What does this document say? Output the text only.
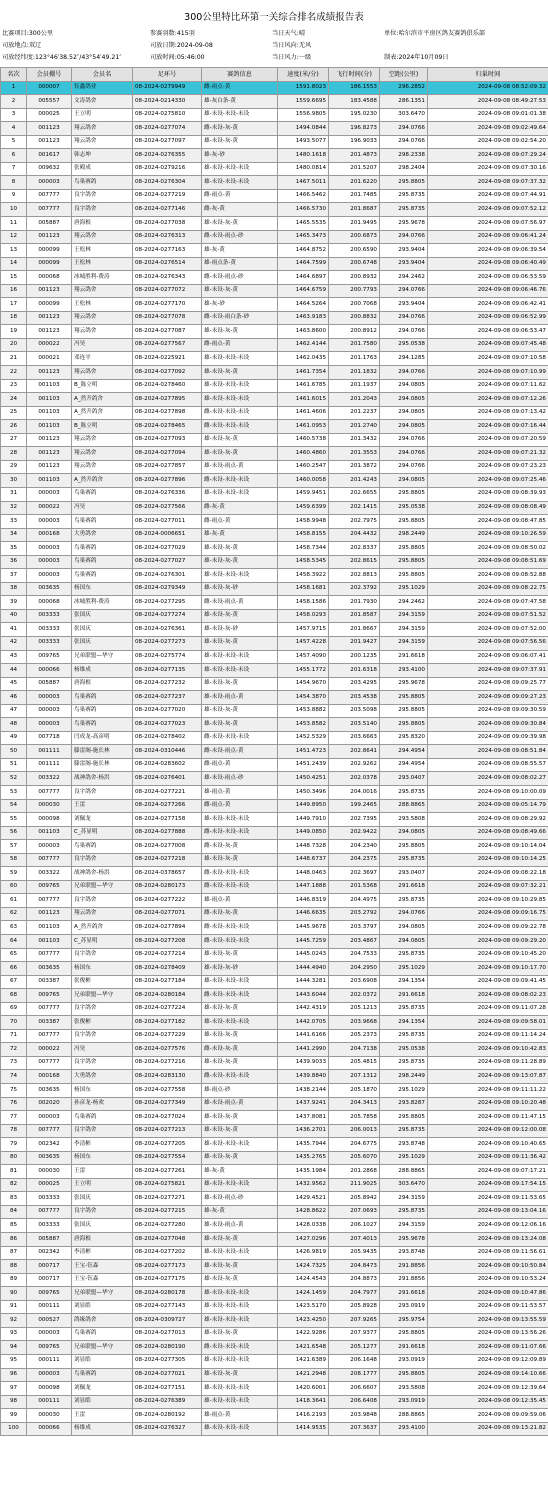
300公里特比环第一关综合排名成绩报告表
比赛项目:300公里	参赛羽数:415羽	当日天气:晴	单位:哈尔滨市平房区鸽友赛鸽俱乐部
司放地点:双辽	司放日期:2024-09-08	当日风向:无风
司放经纬度:123°46′38.52″/43°54′49.21″	司放时间:05:46:00	当日风力:一级	制表:2024年10月09日
名次	会员棚号	会员名	足环号	赛鸽信息	速度(米/分)	飞行时间(分)	空距(公里)	归巢时间
1	000007	钰鑫鸽业	08-2024-0279949	雌-雨点-黄	1591.8023	186.1553	296.2852	2024-09-08 08:52:09.32
2	005557	文涛鸽舍	08-2024-0214330	雄-灰白条-黄	1559.6695	183.4588	286.1351	2024-09-08 08:49:27.53
3	000025	王立明	08-2024-0275810	雄-未设-未设-未设	1556.9805	195.0230	303.6470	2024-09-08 09:01:01.38
4	001123	翔云鸽舍	08-2024-0277074	雌-未设-灰-黄	1494.0844	196.8273	294.0766	2024-09-08 09:02:49.64
5	001123	翔云鸽舍	08-2024-0277097	雄-未设-灰-黄	1493.5077	196.9033	294.0766	2024-09-08 09:02:54.20
6	001617	韩志坤	08-2024-0276355	雄-灰-砂	1480.1618	201.4873	298.2338	2024-09-08 09:07:29.24
7	009632	张殿成	08-2024-0279216	雄-未设-未设-未设	1480.0814	201.5207	298.2404	2024-09-08 09:07:30.16
8	000003	鸟巢赛鸽	08-2024-0276304	雄-未设-未设-未设	1467.5011	201.6220	295.8805	2024-09-08 09:07:37.32
9	007777	良宇鸽舍	08-2024-0277219	雌-雨点-黄	1466.5462	201.7485	295.8735	2024-09-08 09:07:44.91
10	007777	良宇鸽舍	08-2024-0277146	雌-灰-黄	1466.5730	201.8687	295.8735	2024-09-08 09:07:52.12
11	005887	唐海根	08-2024-0277038	雄-未设-灰-黄	1465.5535	201.9495	295.9678	2024-09-08 09:07:56.97
12	001123	翔云鸽舍	08-2024-0276313	雌-未设-雨点-砂	1465.3473	200.6873	294.0766	2024-09-08 09:06:41.24
13	000099	王松林	08-2024-0277163	雄-灰-黄	1464.8752	200.6590	293.9404	2024-09-08 09:06:39.54
14	000099	王松林	08-2024-0276514	雄-雨点条-黄	1464.7599	200.6748	293.9404	2024-09-08 09:06:40.49
15	000068	冰城胜利-费涛	08-2024-0276343	雌-未设-雨点-砂	1464.6897	200.8932	294.2462	2024-09-08 09:06:53.59
16	001123	翔云鸽舍	08-2024-0277072	雄-未设-灰-黄	1464.6759	200.7793	294.0766	2024-09-08 09:06:46.76
17	000099	王松林	08-2024-0277170	雄-灰-砂	1464.5264	200.7068	293.9404	2024-09-08 09:06:42.41
18	001123	翔云鸽舍	08-2024-0277078	雌-未设-雨白条-砂	1463.9183	200.8832	294.0766	2024-09-08 09:06:52.99
19	001123	翔云鸽舍	08-2024-0277087	雄-未设-灰-黄	1463.8600	200.8912	294.0766	2024-09-08 09:06:53.47
20	000022	冯昊	08-2024-0277567	雌-雨点-黄	1462.4144	201.7580	295.0538	2024-09-08 09:07:45.48
21	000021	邓连平	08-2024-0225921	雄-未设-未设-未设	1462.0435	201.1763	294.1285	2024-09-08 09:07:10.58
22	001123	翔云鸽舍	08-2024-0277092	雄-未设-灰-黄	1461.7354	201.1832	294.0766	2024-09-08 09:07:10.99
23	001103	B_陈立明	08-2024-0278460	雄-未设-未设-未设	1461.6785	201.1937	294.0805	2024-09-08 09:07:11.62
24	001103	A_然升鸽舍	08-2024-0277895	雄-未设-未设-未设	1461.6015	201.2043	294.0805	2024-09-08 09:07:12.26
25	001103	A_然升鸽舍	08-2024-0277898	雌-未设-未设-未设	1461.4606	201.2237	294.0805	2024-09-08 09:07:13.42
26	001103	B_陈立明	08-2024-0278465	雌-未设-未设-未设	1461.0953	201.2740	294.0805	2024-09-08 09:07:16.44
27	001123	翔云鸽舍	08-2024-0277093	雄-未设-灰-黄	1460.5738	201.3432	294.0766	2024-09-08 09:07:20.59
28	001123	翔云鸽舍	08-2024-0277094	雄-未设-灰-黄	1460.4860	201.3553	294.0766	2024-09-08 09:07:21.32
29	001123	翔云鸽舍	08-2024-0277857	雄-未设-雨点-黄	1460.2547	201.3872	294.0766	2024-09-08 09:07:23.23
30	001103	A_然升鸽舍	08-2024-0277896	雌-未设-未设-未设	1460.0058	201.4243	294.0805	2024-09-08 09:07:25.46
31	000003	鸟巢赛鸽	08-2024-0276336	雄-未设-未设-未设	1459.9451	202.6655	295.8805	2024-09-08 09:08:39.93
32	000022	冯昊	08-2024-0277566	雌-灰-黄	1459.6399	202.1415	295.0538	2024-09-08 09:08:08.49
33	000003	鸟巢赛鸽	08-2024-0277011	雌-雨点-黄	1458.9948	202.7975	295.8805	2024-09-08 09:08:47.85
34	000168	大勇鸽舍	08-2024-0006651	雄-灰-黄	1458.8155	204.4432	298.2449	2024-09-08 09:10:26.59
35	000003	鸟巢赛鸽	08-2024-0277029	雄-未设-灰-黄	1458.7344	202.8337	295.8805	2024-09-08 09:08:50.02
36	000003	鸟巢赛鸽	08-2024-0277027	雄-未设-灰-黄	1458.5345	202.8615	295.8805	2024-09-08 09:08:51.69
37	000003	鸟巢赛鸽	08-2024-0276301	雄-未设-未设-未设	1458.3922	202.8813	295.8805	2024-09-08 09:08:52.88
38	003635	杨国东	08-2024-0279349	雄-未设-灰-砂	1458.1681	202.3792	295.1029	2024-09-08 09:08:22.75
39	000068	冰城胜利-费涛	08-2024-0277295	雌-未设-雨点-黄	1458.1586	201.7930	294.2462	2024-09-08 09:07:47.58
40	003333	张国庆	08-2024-0277274	雄-未设-灰-黄	1458.0293	201.8587	294.3159	2024-09-08 09:07:51.52
41	003333	张国庆	08-2024-0276361	雄-未设-灰-砂	1457.9715	201.8667	294.3159	2024-09-08 09:07:52.00
42	003333	张国庆	08-2024-0277273	雄-未设-灰-黄	1457.4228	201.9427	294.3159	2024-09-08 09:07:56.56
43	009765	兄弟联盟—华守	08-2024-0275774	雄-未设-未设-未设	1457.4090	200.1235	291.6618	2024-09-08 09:06:07.41
44	000066	杨维成	08-2024-0277135	雄-未设-未设-未设	1455.1772	201.6318	293.4100	2024-09-08 09:07:37.91
45	005887	唐海根	08-2024-0277232	雄-未设-灰-黄	1454.9670	203.4295	295.9678	2024-09-08 09:09:25.77
46	000003	鸟巢赛鸽	08-2024-0277237	雄-未设-雨点-黄	1454.3870	203.4538	295.8805	2024-09-08 09:09:27.23
47	000003	鸟巢赛鸽	08-2024-0277020	雄-未设-灰-黄	1453.8882	203.5098	295.8805	2024-09-08 09:09:30.59
48	000003	鸟巢赛鸽	08-2024-0277023	雄-未设-灰-黄	1453.8582	203.5140	295.8805	2024-09-08 09:09:30.84
49	007718	闫成龙-高彦明	08-2024-0278402	雌-未设-未设-未设	1452.5329	203.6663	295.8320	2024-09-08 09:09:39.98
50	001111	滕雷阁-施长林	08-2024-0310446	雌-未设-雨点-黄	1451.4723	202.8641	294.4954	2024-09-08 09:08:51.84
51	001111	滕雷阁-施长林	08-2024-0283602	雌-雨点-黄	1451.2439	202.9262	294.4954	2024-09-08 09:08:55.57
52	003322	战神鸽舍-杨洪	08-2024-0276401	雄-未设-雨点-砂	1450.4251	202.0378	293.0407	2024-09-08 09:08:02.27
53	007777	良宇鸽舍	08-2024-0277221	雄-雨点-黄	1450.3496	204.0016	295.8735	2024-09-08 09:10:00.09
54	000030	王雷	08-2024-0277266	雌-雨点-黄	1449.8950	199.2465	288.8865	2024-09-08 09:05:14.79
55	000098	刘佩龙	08-2024-0277158	雄-未设-未设-未设	1449.7910	202.7395	293.5808	2024-09-08 09:08:29.92
56	001103	C_苏显明	08-2024-0277888	雌-未设-未设-未设	1449.0850	202.9422	294.0805	2024-09-08 09:08:49.66
57	000003	鸟巢赛鸽	08-2024-0277008	雌-未设-灰-黄	1448.7328	204.2340	295.8805	2024-09-08 09:10:14.04
58	007777	良宇鸽舍	08-2024-0277218	雄-未设-灰-黄	1448.6737	204.2375	295.8735	2024-09-08 09:10:14.25
59	003322	战神鸽舍-杨洪	08-2024-0378657	雌-未设-未设-未设	1448.0463	202.3697	293.0407	2024-09-08 09:08:22.18
60	009765	兄弟联盟—华守	08-2024-0280173	雌-未设-未设-未设	1447.1888	201.5368	291.6618	2024-09-08 09:07:32.21
61	007777	良宇鸽舍	08-2024-0277222	雄-雨点-黄	1446.8319	204.4975	295.8735	2024-09-08 09:10:29.85
62	001123	翔云鸽舍	08-2024-0277071	雌-未设-灰-黄	1446.6635	203.2792	294.0766	2024-09-08 09:09:16.75
63	001103	A_然升鸽舍	08-2024-0277894	雌-未设-未设-未设	1445.9678	203.3797	294.0805	2024-09-08 09:09:22.78
64	001103	C_苏显明	08-2024-0277208	雌-未设-未设-未设	1445.7259	203.4867	294.0805	2024-09-08 09:09:29.20
65	007777	良宇鸽舍	08-2024-0277214	雄-未设-灰-黄	1445.0243	204.7533	295.8735	2024-09-08 09:10:45.20
66	003635	杨国东	08-2024-0278409	雄-未设-灰-砂	1444.4940	204.2950	295.1029	2024-09-08 09:10:17.70
67	003387	张俊彬	08-2024-0277184	雄-未设-未设-未设	1444.3281	203.6908	294.1354	2024-09-08 09:09:41.45
68	009765	兄弟联盟—华守	08-2024-0280184	雌-未设-未设-未设	1443.6044	202.0372	291.6618	2024-09-08 09:08:02.23
69	007777	良宇鸽舍	08-2024-0277224	雄-未设-灰-黄	1442.4319	205.1213	295.8735	2024-09-08 09:11:07.28
70	003387	张俊彬	08-2024-0277182	雄-未设-未设-未设	1442.0705	203.9668	294.1354	2024-09-08 09:09:58.01
71	007777	良宇鸽舍	08-2024-0277229	雄-未设-灰-黄	1441.6166	205.2373	295.8735	2024-09-08 09:11:14.24
72	000022	冯昊	08-2024-0277576	雌-未设-灰-黄	1441.2990	204.7138	295.0538	2024-09-08 09:10:42.83
73	007777	良宇鸽舍	08-2024-0277216	雄-未设-灰-黄	1439.9033	205.4815	295.8735	2024-09-08 09:11:28.89
74	000168	大勇鸽舍	08-2024-0283130	雌-未设-未设-未设	1439.8840	207.1312	298.2449	2024-09-08 09:13:07.87
75	003635	杨国东	08-2024-0277558	雄-雨点-砂	1438.2144	205.1870	295.1029	2024-09-08 09:11:11.22
76	002020	孙彦龙-杨欢	08-2024-0277349	雄-未设-雨点-黄	1437.9241	204.3413	293.8287	2024-09-08 09:10:20.48
77	000003	鸟巢赛鸽	08-2024-0277024	雄-未设-灰-黄	1437.8081	205.7858	295.8805	2024-09-08 09:11:47.15
78	007777	良宇鸽舍	08-2024-0277213	雄-未设-灰-黄	1436.2701	206.0013	295.8735	2024-09-08 09:12:00.08
79	002342	李清彬	08-2024-0277205	雄-未设-未设-未设	1435.7944	204.6775	293.8748	2024-09-08 09:10:40.65
80	003635	杨国东	08-2024-0277554	雄-未设-灰-黄	1435.2765	205.6070	295.1029	2024-09-08 09:11:36.42
81	000030	王雷	08-2024-0277261	雄-灰-黄	1435.1984	201.2868	288.8865	2024-09-08 09:07:17.21
82	000025	王立明	08-2024-0275821	雄-未设-未设-未设	1432.9562	211.9025	303.6470	2024-09-08 09:17:54.15
83	003333	张国庆	08-2024-0277271	雄-未设-雨点-砂	1429.4521	205.8942	294.3159	2024-09-08 09:11:53.65
84	007777	良宇鸽舍	08-2024-0277215	雄-灰-黄	1428.8622	207.0693	295.8735	2024-09-08 09:13:04.16
85	003333	张国庆	08-2024-0277280	雄-未设-雨点-黄	1428.0338	206.1027	294.3159	2024-09-08 09:12:06.16
86	005887	唐海根	08-2024-0277048	雄-未设-灰-黄	1427.0296	207.4013	295.9678	2024-09-08 09:13:24.08
87	002342	李清彬	08-2024-0277202	雄-未设-未设-未设	1426.9819	205.9435	293.8748	2024-09-08 09:11:56.61
88	000717	王宝-钰森	08-2024-0277173	雄-未设-灰-黄	1424.7325	204.8473	291.8856	2024-09-08 09:10:50.84
89	000717	王宝-钰森	08-2024-0277175	雄-未设-灰-黄	1424.4543	204.8873	291.8856	2024-09-08 09:10:53.24
90	009765	兄弟联盟—华守	08-2024-0280178	雄-未设-未设-未设	1424.1459	204.7977	291.6618	2024-09-08 09:10:47.86
91	000111	刘显皓	08-2024-0277143	雄-未设-未设-未设	1423.5170	205.8928	293.0919	2024-09-08 09:11:53.57
92	000527	鸽缘鸽舍	08-2024-0309727	雄-未设-未设-未设	1423.4250	207.9265	295.9754	2024-09-08 09:13:55.59
93	000003	鸟巢赛鸽	08-2024-0277013	雄-未设-灰-黄	1422.9286	207.9377	295.8805	2024-09-08 09:13:56.26
94	009765	兄弟联盟—华守	08-2024-0280190	雌-未设-未设-未设	1421.6548	205.1277	291.6618	2024-09-08 09:11:07.66
95	000111	刘显皓	08-2024-0277305	雄-未设-未设-未设	1421.6389	206.1648	293.0919	2024-09-08 09:12:09.89
96	000003	鸟巢赛鸽	08-2024-0277021	雄-未设-灰-黄	1421.2948	208.1777	295.8805	2024-09-08 09:14:10.66
97	000098	刘佩龙	08-2024-0277151	雄-未设-未设-未设	1420.6001	206.6607	293.5808	2024-09-08 09:12:39.64
98	000111	刘显皓	08-2024-0276389	雄-未设-未设-未设	1418.3641	206.6408	293.0919	2024-09-08 09:12:35.45
99	000030	王雷	08-2024-0280192	雄-雨点-黄	1416.2193	203.9848	288.8865	2024-09-08 09:09:59.06
100	000066	杨维成	08-2024-0276327	雄-未设-未设-未设	1414.9535	207.3637	293.4100	2024-09-08 09:13:21.82
